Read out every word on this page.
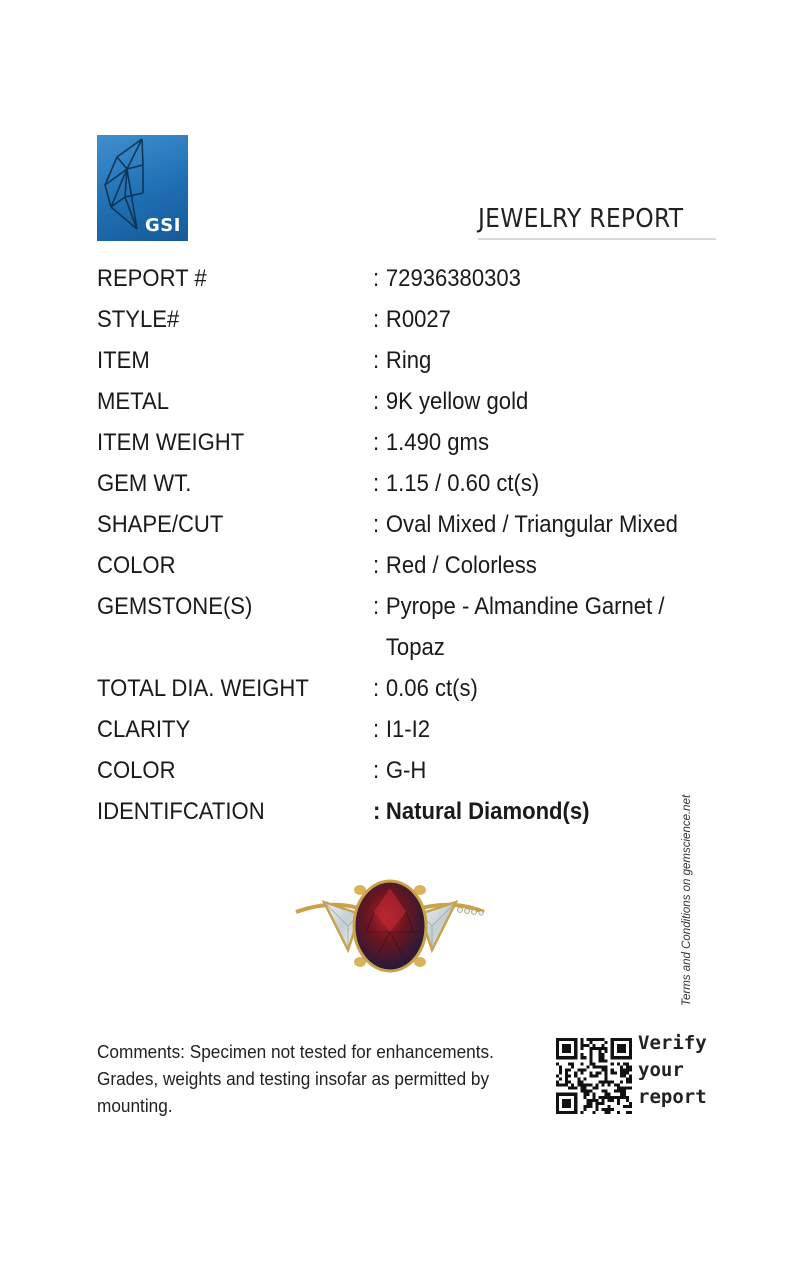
GSI	JEWELRY REPORT
REPORT #	: 72936380303
STYLE#	: R0027
ITEM	: Ring
METAL	: 9K yellow gold
ITEM WEIGHT	: 1.490 gms
GEM WT.	: 1.15 / 0.60 ct(s)
SHAPE/CUT	: Oval Mixed / Triangular Mixed
COLOR	: Red / Colorless
GEMSTONE(S)	: Pyrope - Almandine Garnet /
Topaz
TOTAL DIA. WEIGHT	: 0.06 ct(s)
CLARITY	: I1-I2
COLOR	: G-H
IDENTIFCATION	: Natural Diamond(s)	Terms and Conditions on gemscience.net
Comments: Specimen not tested for enhancements.
Grades, weights and testing insofar as permitted by
mounting.
Verify
your
report
